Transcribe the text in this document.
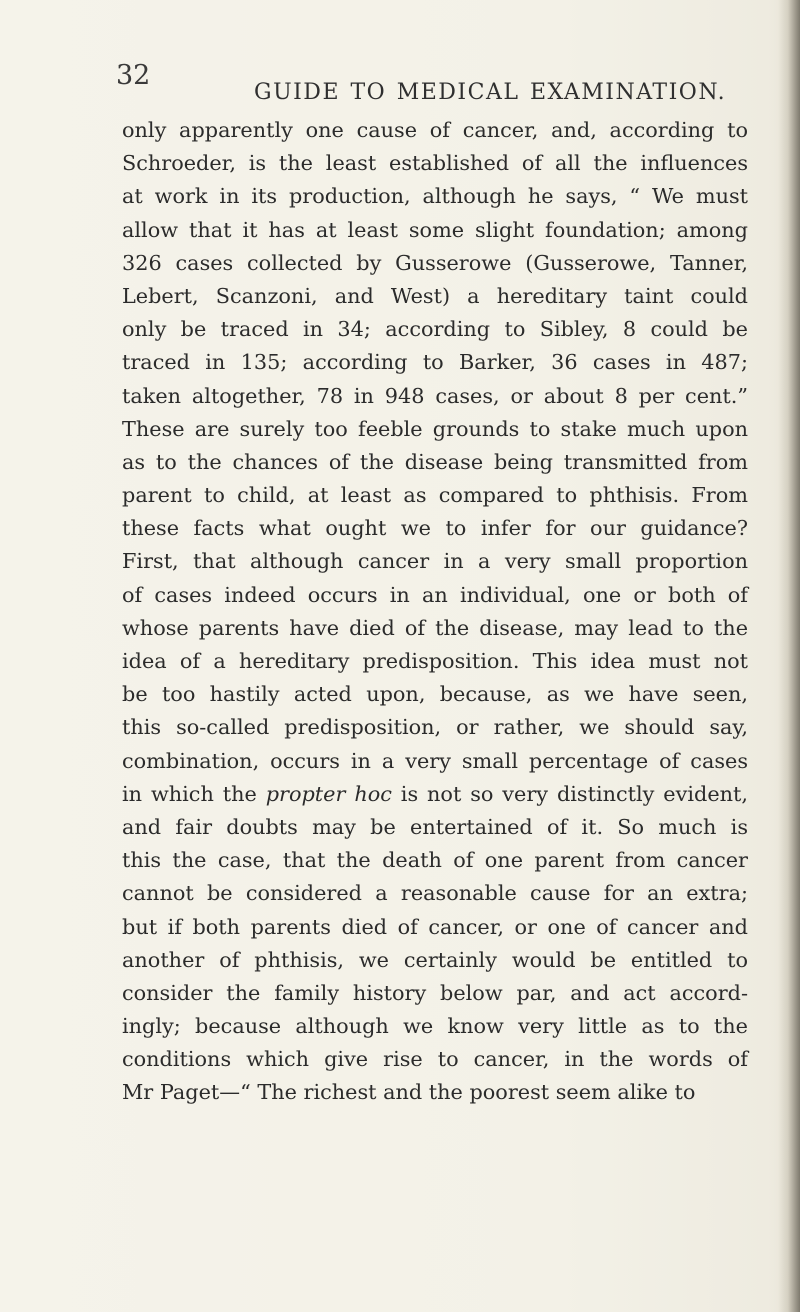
32
GUIDE TO MEDICAL EXAMINATION.
only apparently one cause of cancer, and, according to
Schroeder, is the least established of all the influences
at work in its production, although he says, “ We must
allow that it has at least some slight foundation; among
326 cases collected by Gusserowe (Gusserowe, Tanner,
Lebert, Scanzoni, and West) a hereditary taint could
only be traced in 34; according to Sibley, 8 could be
traced in 135; according to Barker, 36 cases in 487;
taken altogether, 78 in 948 cases, or about 8 per cent.”
These are surely too feeble grounds to stake much upon
as to the chances of the disease being transmitted from
parent to child, at least as compared to phthisis. From
these facts what ought we to infer for our guidance?
First, that although cancer in a very small proportion
of cases indeed occurs in an individual, one or both of
whose parents have died of the disease, may lead to the
idea of a hereditary predisposition. This idea must not
be too hastily acted upon, because, as we have seen,
this so-called predisposition, or rather, we should say,
combination, occurs in a very small percentage of cases
in which the propter hoc is not so very distinctly evident,
and fair doubts may be entertained of it. So much is
this the case, that the death of one parent from cancer
cannot be considered a reasonable cause for an extra;
but if both parents died of cancer, or one of cancer and
another of phthisis, we certainly would be entitled to
consider the family history below par, and act accord-
ingly; because although we know very little as to the
conditions which give rise to cancer, in the words of
Mr Paget—“ The richest and the poorest seem alike to
